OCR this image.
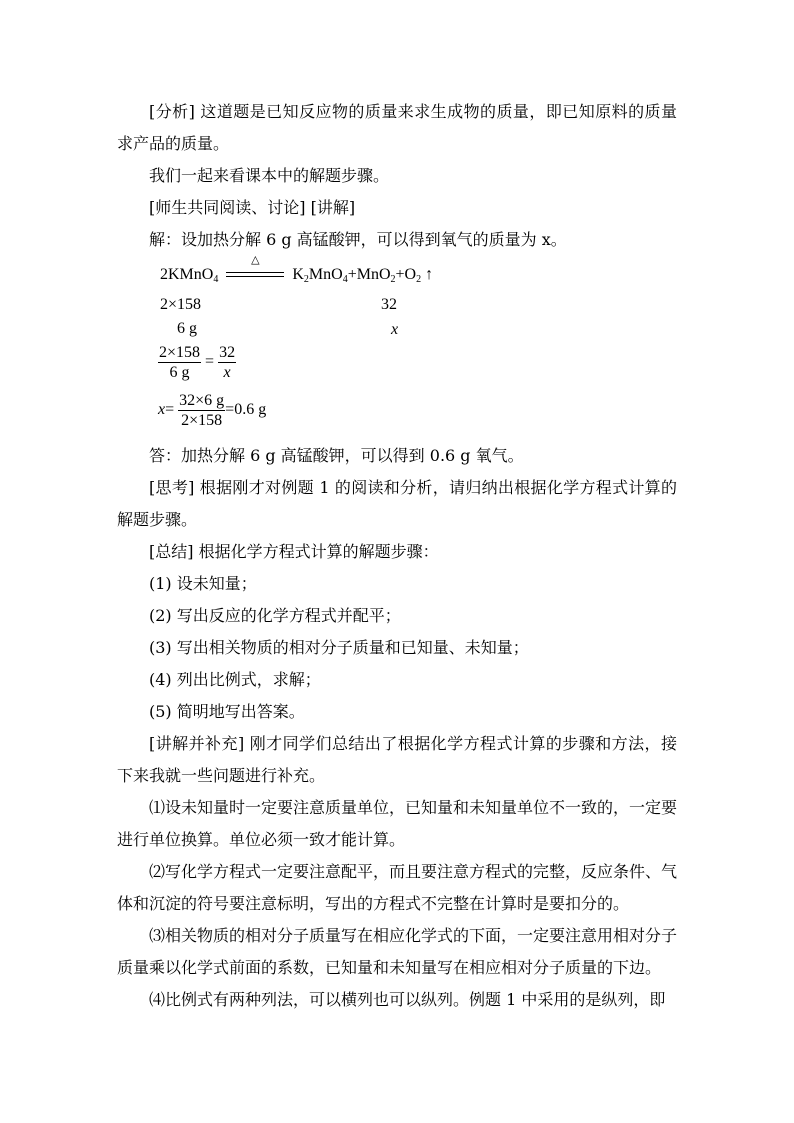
[分析] 这道题是已知反应物的质量来求生成物的质量，即已知原料的质量求产品的质量。

我们一起来看课本中的解题步骤。

[师生共同阅读、讨论] [讲解]

解：设加热分解 6 g 高锰酸钾，可以得到氧气的质量为 x。

2KMnO$_4$
△
$K_2MnO_4+MnO_2+O_2$ ↑
2×158	32
6 g	x
$\frac{2\times 158}{6 g} = \frac{32}{x}$
$x= \frac{32\times 6 g}{2\times 158} =0.6$ g

答：加热分解 6 g 高锰酸钾，可以得到 0.6 g 氧气。

[思考] 根据刚才对例题 1 的阅读和分析，请归纳出根据化学方程式计算的解题步骤。

[总结] 根据化学方程式计算的解题步骤：

(1) 设未知量；

(2) 写出反应的化学方程式并配平；

(3) 写出相关物质的相对分子质量和已知量、未知量；

(4) 列出比例式，求解；

(5) 简明地写出答案。

[讲解并补充] 刚才同学们总结出了根据化学方程式计算的步骤和方法，接下来我就一些问题进行补充。

⑴设未知量时一定要注意质量单位，已知量和未知量单位不一致的，一定要进行单位换算。单位必须一致才能计算。

⑵写化学方程式一定要注意配平，而且要注意方程式的完整，反应条件、气体和沉淀的符号要注意标明，写出的方程式不完整在计算时是要扣分的。

⑶相关物质的相对分子质量写在相应化学式的下面，一定要注意用相对分子质量乘以化学式前面的系数，已知量和未知量写在相应相对分子质量的下边。

⑷比例式有两种列法，可以横列也可以纵列。例题 1 中采用的是纵列，即
